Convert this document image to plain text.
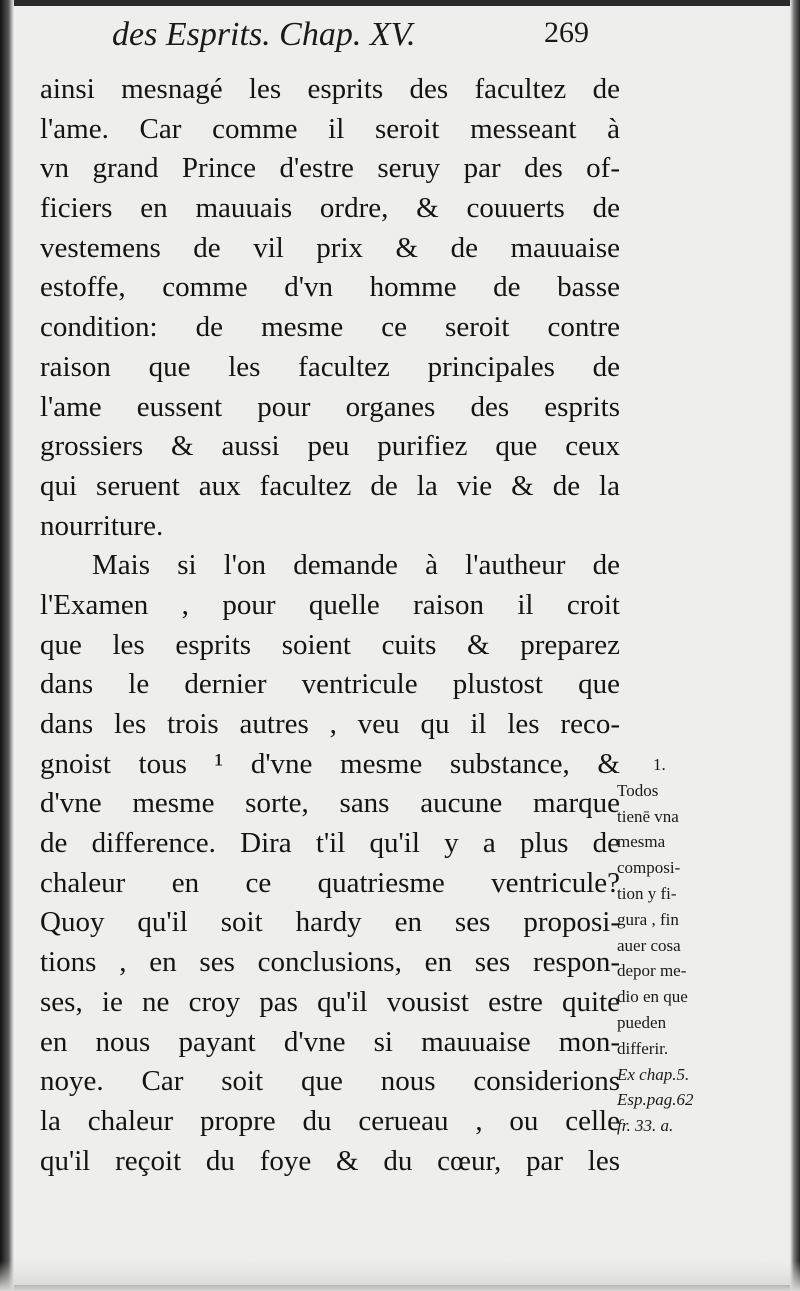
des Esprits. Chap. XV.	269
ainsi mesnagé les esprits des facultez de
l'ame. Car comme il seroit messeant à
vn grand Prince d'estre seruy par des of-
ficiers en mauuais ordre, & couuerts de
vestemens de vil prix & de mauuaise
estoffe, comme d'vn homme de basse
condition: de mesme ce seroit contre
raison que les facultez principales de
l'ame eussent pour organes des esprits
grossiers & aussi peu purifiez que ceux
qui seruent aux facultez de la vie & de la
nourriture.
Mais si l'on demande à l'autheur de
l'Examen , pour quelle raison il croit
que les esprits soient cuits & preparez
dans le dernier ventricule plustost que
dans les trois autres , veu qu il les reco-
gnoist tous ¹ d'vne mesme substance, &
d'vne mesme sorte, sans aucune marque
de difference. Dira t'il qu'il y a plus de
chaleur en ce quatriesme ventricule?
Quoy qu'il soit hardy en ses proposi-
tions , en ses conclusions, en ses respon-
ses, ie ne croy pas qu'il vousist estre quite
en nous payant d'vne si mauuaise mon-
noye. Car soit que nous considerions
la chaleur propre du cerueau , ou celle
qu'il reçoit du foye & du cœur, par les
1.
Todos
tienē vna
mesma
composi-
tion y fi-
gura , fin
auer cosa
depor me-
dio en que
pueden
differir.
Ex chap.5.
Esp.pag.62
fr. 33. a.
